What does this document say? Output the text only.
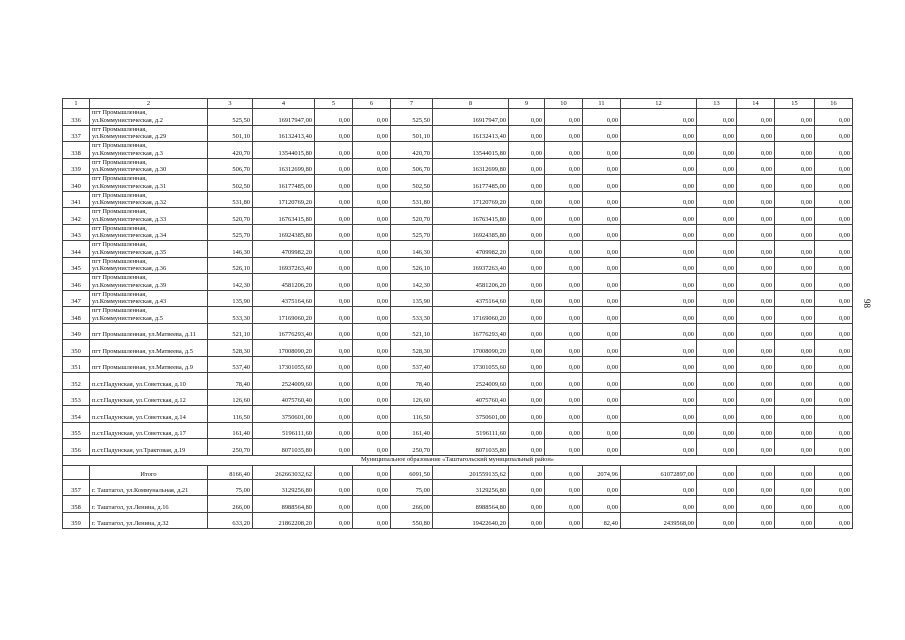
1	2	3	4	5	6	7	8	9	10	11	12	13	14	15	16
336	пгт Промышленная, ул.Коммунистическая, д.2	525,50	16917947,00	0,00	0,00	525,50	16917947,00	0,00	0,00	0,00	0,00	0,00	0,00	0,00	0,00
337	пгт Промышленная, ул.Коммунистическая, д.29	501,10	16132413,40	0,00	0,00	501,10	16132413,40	0,00	0,00	0,00	0,00	0,00	0,00	0,00	0,00
338	пгт Промышленная, ул.Коммунистическая, д.3	420,70	13544015,80	0,00	0,00	420,70	13544015,80	0,00	0,00	0,00	0,00	0,00	0,00	0,00	0,00
339	пгт Промышленная, ул.Коммунистическая, д.30	506,70	16312699,80	0,00	0,00	506,70	16312699,80	0,00	0,00	0,00	0,00	0,00	0,00	0,00	0,00
340	пгт Промышленная, ул.Коммунистическая, д.31	502,50	16177485,00	0,00	0,00	502,50	16177485,00	0,00	0,00	0,00	0,00	0,00	0,00	0,00	0,00
341	пгт Промышленная, ул.Коммунистическая, д.32	531,80	17120769,20	0,00	0,00	531,80	17120769,20	0,00	0,00	0,00	0,00	0,00	0,00	0,00	0,00
342	пгт Промышленная, ул.Коммунистическая, д.33	520,70	16763415,80	0,00	0,00	520,70	16763415,80	0,00	0,00	0,00	0,00	0,00	0,00	0,00	0,00
343	пгт Промышленная, ул.Коммунистическая, д.34	525,70	16924385,80	0,00	0,00	525,70	16924385,80	0,00	0,00	0,00	0,00	0,00	0,00	0,00	0,00
344	пгт Промышленная, ул.Коммунистическая, д.35	146,30	4709982,20	0,00	0,00	146,30	4709982,20	0,00	0,00	0,00	0,00	0,00	0,00	0,00	0,00
345	пгт Промышленная, ул.Коммунистическая, д.36	526,10	16937263,40	0,00	0,00	526,10	16937263,40	0,00	0,00	0,00	0,00	0,00	0,00	0,00	0,00
346	пгт Промышленная, ул.Коммунистическая, д.39	142,30	4581206,20	0,00	0,00	142,30	4581206,20	0,00	0,00	0,00	0,00	0,00	0,00	0,00	0,00
347	пгт Промышленная, ул.Коммунистическая, д.43	135,90	4375164,60	0,00	0,00	135,90	4375164,60	0,00	0,00	0,00	0,00	0,00	0,00	0,00	0,00
348	пгт Промышленная, ул.Коммунистическая, д.5	533,30	17169060,20	0,00	0,00	533,30	17169060,20	0,00	0,00	0,00	0,00	0,00	0,00	0,00	0,00
349	пгт Промышленная, ул.Матвеева, д.11	521,10	16776293,40	0,00	0,00	521,10	16776293,40	0,00	0,00	0,00	0,00	0,00	0,00	0,00	0,00
350	пгт Промышленная, ул.Матвеева, д.5	528,30	17008090,20	0,00	0,00	528,30	17008090,20	0,00	0,00	0,00	0,00	0,00	0,00	0,00	0,00
351	пгт Промышленная, ул.Матвеева, д.9	537,40	17301055,60	0,00	0,00	537,40	17301055,60	0,00	0,00	0,00	0,00	0,00	0,00	0,00	0,00
352	п.ст.Падунская, ул.Советская, д.10	78,40	2524009,60	0,00	0,00	78,40	2524009,60	0,00	0,00	0,00	0,00	0,00	0,00	0,00	0,00
353	п.ст.Падунская, ул.Советская, д.12	126,60	4075760,40	0,00	0,00	126,60	4075760,40	0,00	0,00	0,00	0,00	0,00	0,00	0,00	0,00
354	п.ст.Падунская, ул.Советская, д.14	116,50	3750601,00	0,00	0,00	116,50	3750601,00	0,00	0,00	0,00	0,00	0,00	0,00	0,00	0,00
355	п.ст.Падунская, ул.Советская, д.17	161,40	5196111,60	0,00	0,00	161,40	5196111,60	0,00	0,00	0,00	0,00	0,00	0,00	0,00	0,00
356	п.ст.Падунская, ул.Трактовая, д.19	250,70	8071035,80	0,00	0,00	250,70	8071035,80	0,00	0,00	0,00	0,00	0,00	0,00	0,00	0,00
Муниципальное образование «Таштагольский муниципальный район»															
	Итого	8166,40	262663032,62	0,00	0,00	6091,50	201559135,62	0,00	0,00	2074,96	61072897,00	0,00	0,00	0,00	0,00
357	г. Таштагол, ул.Коммунальная, д.21	75,00	3129256,80	0,00	0,00	75,00	3129256,80	0,00	0,00	0,00	0,00	0,00	0,00	0,00	0,00
358	г. Таштагол, ул.Ленина, д.16	266,00	8988564,80	0,00	0,00	266,00	8988564,80	0,00	0,00	0,00	0,00	0,00	0,00	0,00	0,00
359	г. Таштагол, ул.Ленина, д.32	633,20	21862208,20	0,00	0,00	550,80	19422640,20	0,00	0,00	82,40	2439568,00	0,00	0,00	0,00	0,00
98
